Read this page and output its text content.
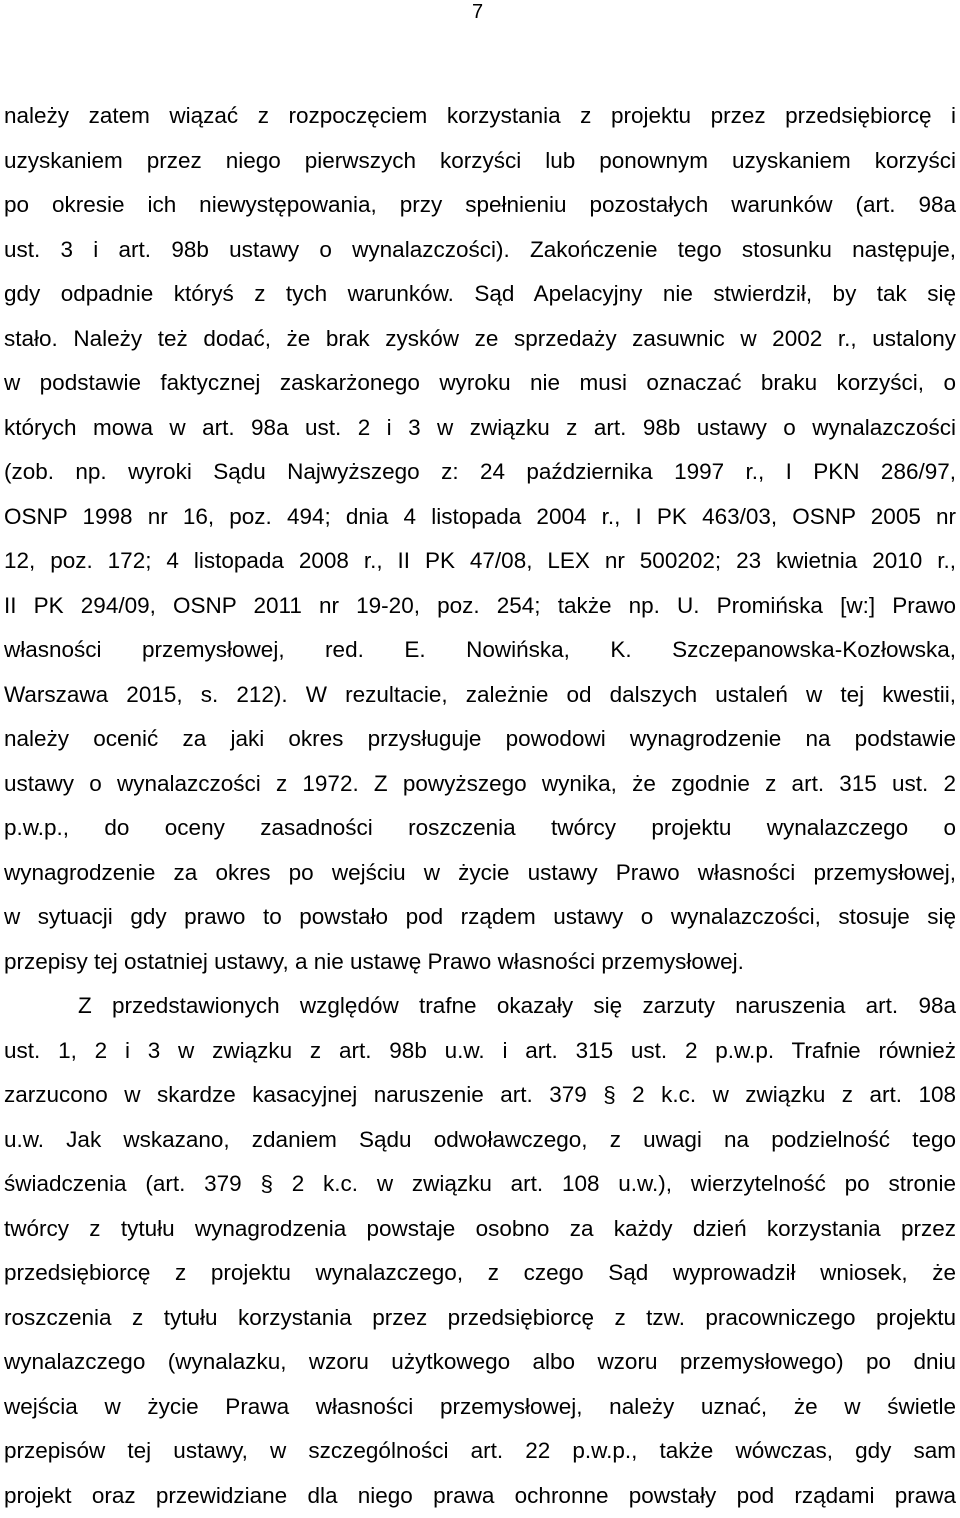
7
należy zatem wiązać z rozpoczęciem korzystania z projektu przez przedsiębiorcę i
uzyskaniem przez niego pierwszych korzyści lub ponownym uzyskaniem korzyści
po okresie ich niewystępowania, przy spełnieniu pozostałych warunków (art. 98a
ust. 3 i art. 98b ustawy o wynalazczości). Zakończenie tego stosunku następuje,
gdy odpadnie któryś z tych warunków. Sąd Apelacyjny nie stwierdził, by tak się
stało. Należy też dodać, że brak zysków ze sprzedaży zasuwnic w 2002 r., ustalony
w podstawie faktycznej zaskarżonego wyroku nie musi oznaczać braku korzyści, o
których mowa w art. 98a ust. 2 i 3 w związku z art. 98b ustawy o wynalazczości
(zob. np. wyroki Sądu Najwyższego z: 24 października 1997 r., I PKN 286/97,
OSNP 1998 nr 16, poz. 494; dnia 4 listopada 2004 r., I PK 463/03, OSNP 2005 nr
12, poz. 172; 4 listopada 2008 r., II PK 47/08, LEX nr 500202; 23 kwietnia 2010 r.,
II PK 294/09, OSNP 2011 nr 19-20, poz. 254; także np. U. Promińska [w:] Prawo
własności przemysłowej, red. E. Nowińska, K. Szczepanowska-Kozłowska,
Warszawa 2015, s. 212). W rezultacie, zależnie od dalszych ustaleń w tej kwestii,
należy ocenić za jaki okres przysługuje powodowi wynagrodzenie na podstawie
ustawy o wynalazczości z 1972. Z powyższego wynika, że zgodnie z art. 315 ust. 2
p.w.p., do oceny zasadności roszczenia twórcy projektu wynalazczego o
wynagrodzenie za okres po wejściu w życie ustawy Prawo własności przemysłowej,
w sytuacji gdy prawo to powstało pod rządem ustawy o wynalazczości, stosuje się
przepisy tej ostatniej ustawy, a nie ustawę Prawo własności przemysłowej.
Z przedstawionych względów trafne okazały się zarzuty naruszenia art. 98a
ust. 1, 2 i 3 w związku z art. 98b u.w. i art. 315 ust. 2 p.w.p. Trafnie również
zarzucono w skardze kasacyjnej naruszenie art. 379 § 2 k.c. w związku z art. 108
u.w. Jak wskazano, zdaniem Sądu odwoławczego, z uwagi na podzielność tego
świadczenia (art. 379 § 2 k.c. w związku art. 108 u.w.), wierzytelność po stronie
twórcy z tytułu wynagrodzenia powstaje osobno za każdy dzień korzystania przez
przedsiębiorcę z projektu wynalazczego, z czego Sąd wyprowadził wniosek, że
roszczenia z tytułu korzystania przez przedsiębiorcę z tzw. pracowniczego projektu
wynalazczego (wynalazku, wzoru użytkowego albo wzoru przemysłowego) po dniu
wejścia w życie Prawa własności przemysłowej, należy uznać, że w świetle
przepisów tej ustawy, w szczególności art. 22 p.w.p., także wówczas, gdy sam
projekt oraz przewidziane dla niego prawa ochronne powstały pod rządami prawa
